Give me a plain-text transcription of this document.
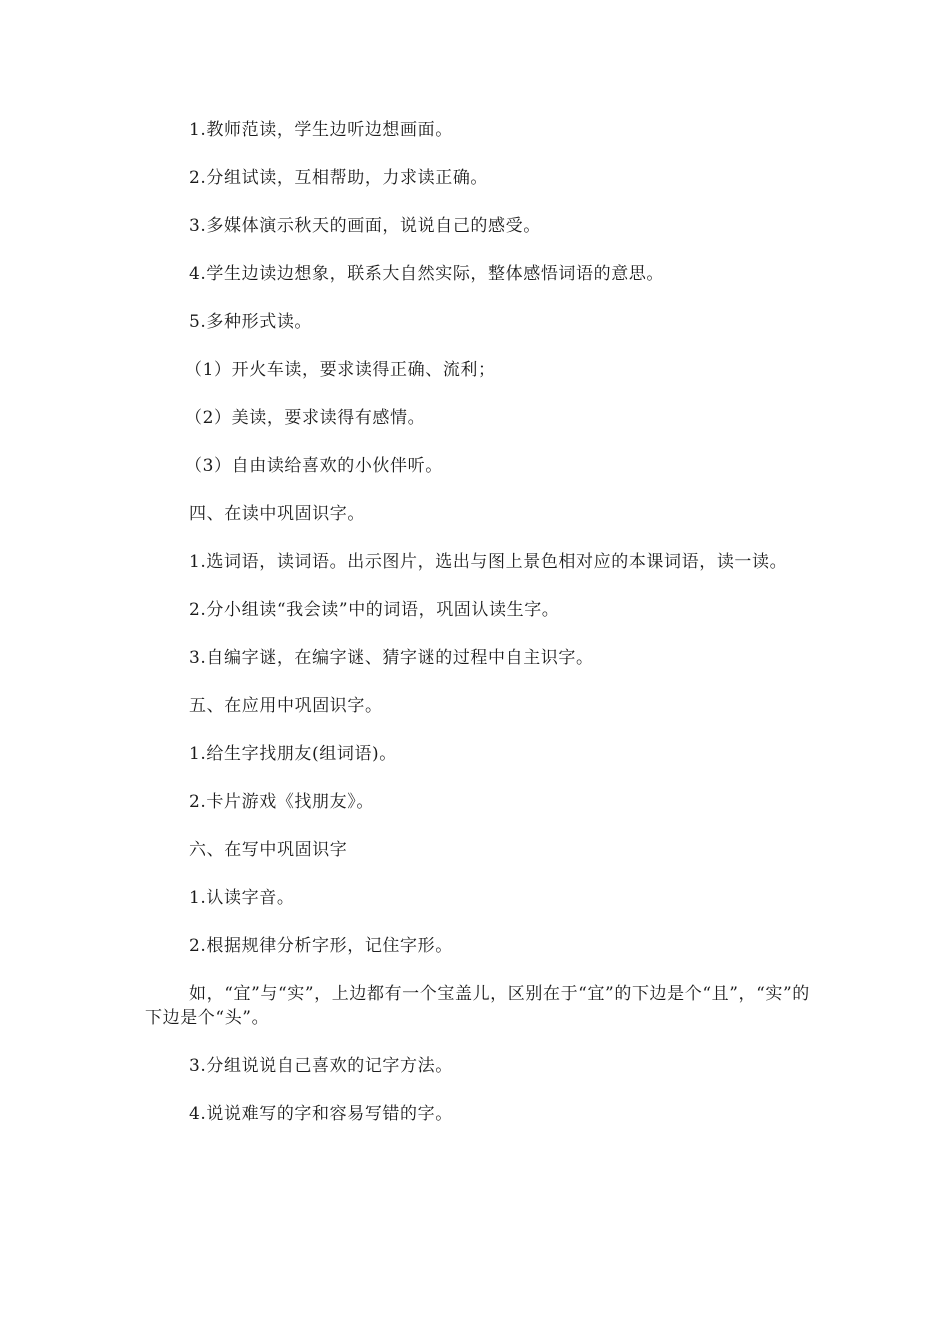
1.教师范读，学生边听边想画面。

2.分组试读，互相帮助，力求读正确。

3.多媒体演示秋天的画面，说说自己的感受。

4.学生边读边想象，联系大自然实际，整体感悟词语的意思。

5.多种形式读。

（1）开火车读，要求读得正确、流利；

（2）美读，要求读得有感情。

（3）自由读给喜欢的小伙伴听。

四、在读中巩固识字。

1.选词语，读词语。出示图片，选出与图上景色相对应的本课词语，读一读。

2.分小组读“我会读”中的词语，巩固认读生字。

3.自编字谜，在编字谜、猜字谜的过程中自主识字。

五、在应用中巩固识字。

1.给生字找朋友(组词语)。

2.卡片游戏《找朋友》。

六、在写中巩固识字

1.认读字音。

2.根据规律分析字形，记住字形。

如，“宜”与“实”，上边都有一个宝盖儿，区别在于“宜”的下边是个“且”，“实”的下边是个“头”。

3.分组说说自己喜欢的记字方法。

4.说说难写的字和容易写错的字。
